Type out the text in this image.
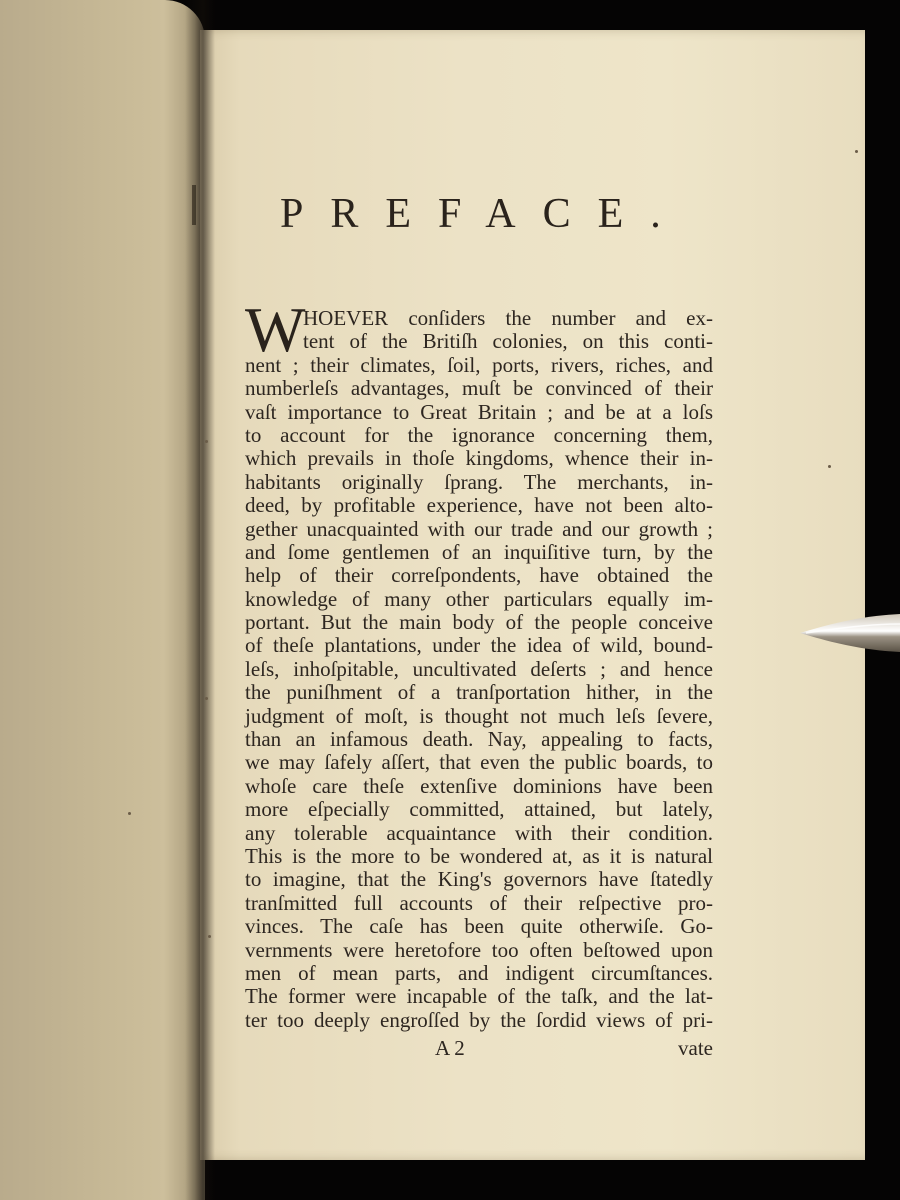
PREFACE.
W
HOEVER conſiders the number and ex-
tent of the Britiſh colonies, on this conti-
nent ; their climates, ſoil, ports, rivers, riches, and
numberleſs advantages, muſt be convinced of their
vaſt importance to Great Britain ; and be at a loſs
to account for the ignorance concerning them,
which prevails in thoſe kingdoms, whence their in-
habitants originally ſprang. The merchants, in-
deed, by profitable experience, have not been alto-
gether unacquainted with our trade and our growth ;
and ſome gentlemen of an inquiſitive turn, by the
help of their correſpondents, have obtained the
knowledge of many other particulars equally im-
portant. But the main body of the people conceive
of theſe plantations, under the idea of wild, bound-
leſs, inhoſpitable, uncultivated deſerts ; and hence
the puniſhment of a tranſportation hither, in the
judgment of moſt, is thought not much leſs ſevere,
than an infamous death. Nay, appealing to facts,
we may ſafely aſſert, that even the public boards, to
whoſe care theſe extenſive dominions have been
more eſpecially committed, attained, but lately,
any tolerable acquaintance with their condition.
This is the more to be wondered at, as it is natural
to imagine, that the King's governors have ſtatedly
tranſmitted full accounts of their reſpective pro-
vinces. The caſe has been quite otherwiſe. Go-
vernments were heretofore too often beſtowed upon
men of mean parts, and indigent circumſtances.
The former were incapable of the taſk, and the lat-
ter too deeply engroſſed by the ſordid views of pri-
A 2	vate
